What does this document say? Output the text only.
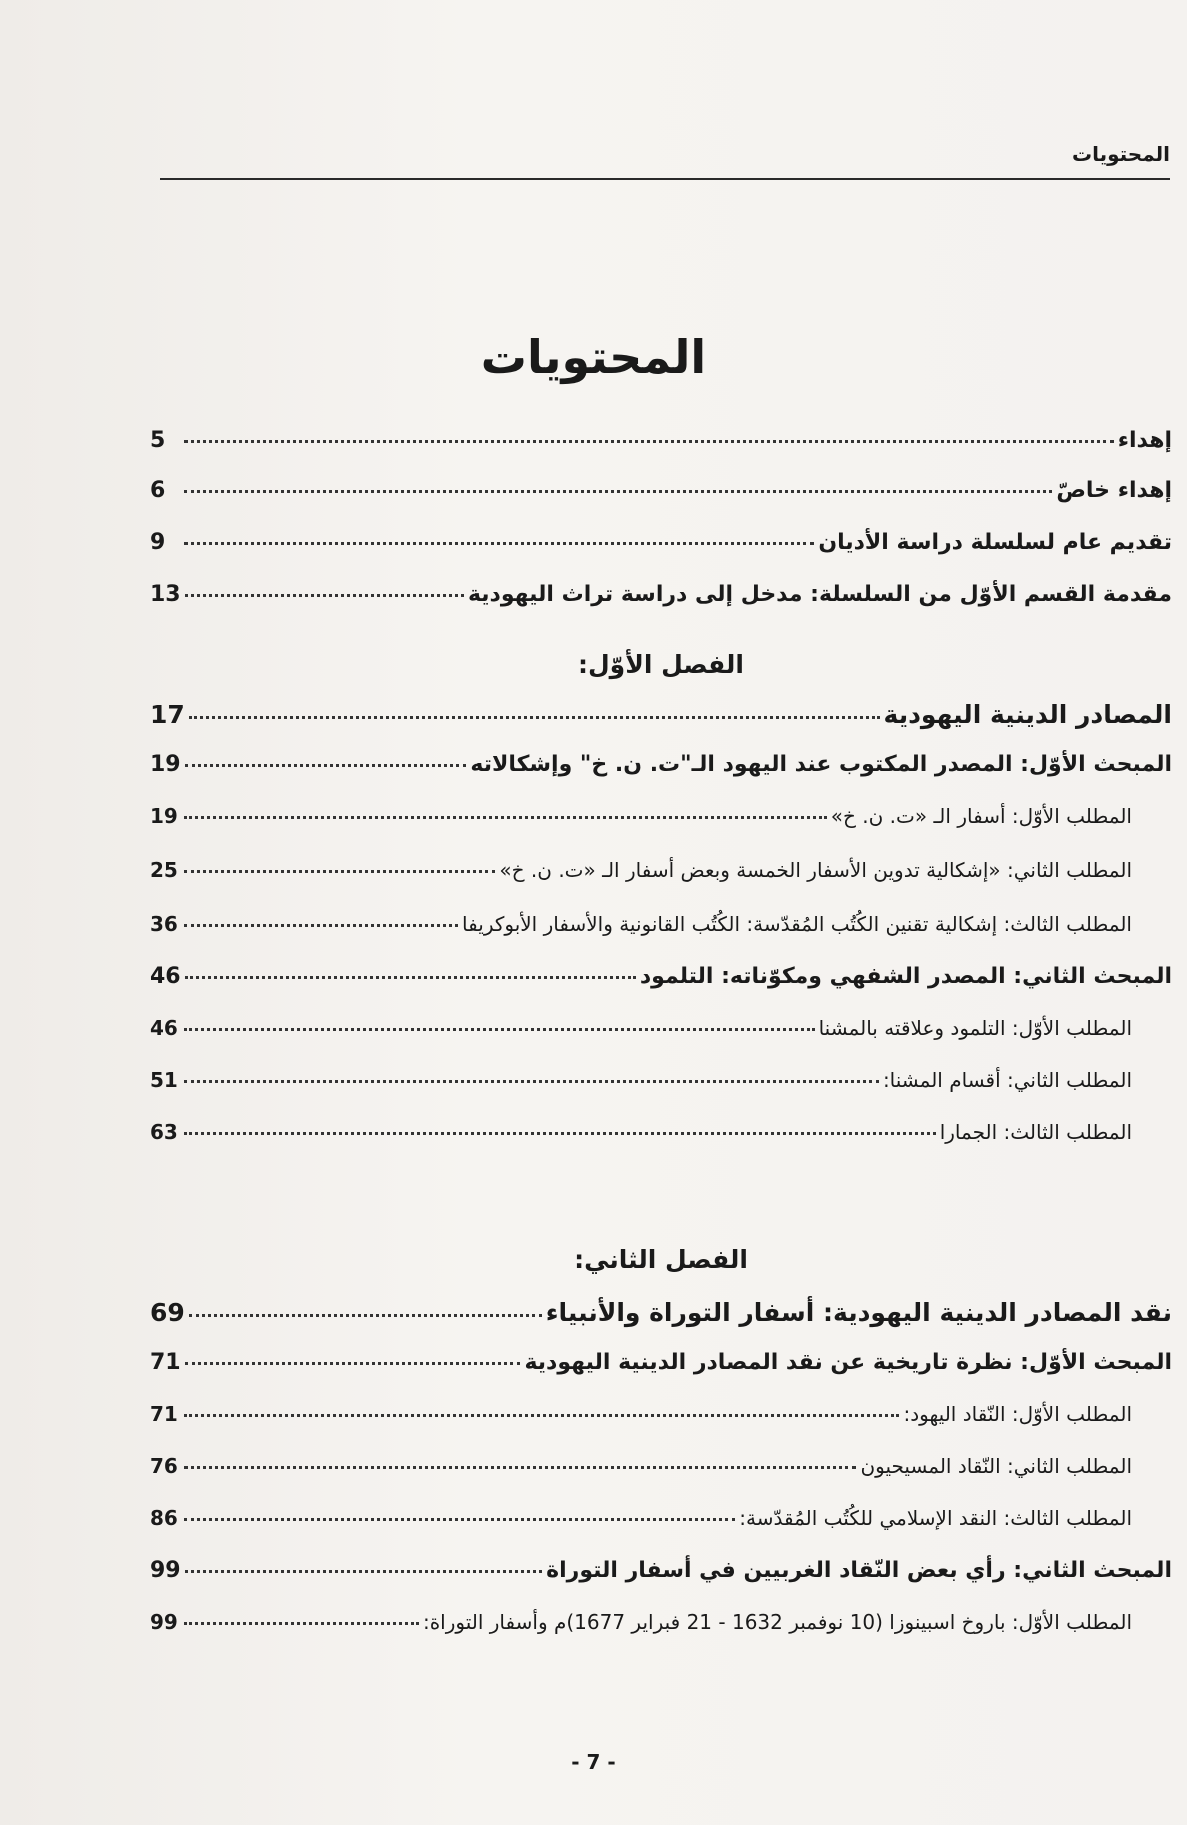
المحتويات
المحتويات
إهداء
5
إهداء خاصّ
6
تقديم عام لسلسلة دراسة الأديان
9
مقدمة القسم الأوّل من السلسلة: مدخل إلى دراسة تراث اليهودية
13
الفصل الأوّل:
المصادر الدينية اليهودية
17
المبحث الأوّل: المصدر المكتوب عند اليهود الـ"ت. ن. خ" وإشكالاته
19
المطلب الأوّل: أسفار الـ «ت. ن. خ»
19
المطلب الثاني: «إشكالية تدوين الأسفار الخمسة وبعض أسفار الـ «ت. ن. خ»
25
المطلب الثالث: إشكالية تقنين الكُتُب المُقدّسة: الكُتُب القانونية والأسفار الأبوكريفا
36
المبحث الثاني: المصدر الشفهي ومكوّناته: التلمود
46
المطلب الأوّل: التلمود وعلاقته بالمشنا
46
المطلب الثاني: أقسام المشنا:
51
المطلب الثالث: الجمارا
63
الفصل الثاني:
نقد المصادر الدينية اليهودية: أسفار التوراة والأنبياء
69
المبحث الأوّل: نظرة تاريخية عن نقد المصادر الدينية اليهودية
71
المطلب الأوّل: النّقاد اليهود:
71
المطلب الثاني: النّقاد المسيحيون
76
المطلب الثالث: النقد الإسلامي للكُتُب المُقدّسة:
86
المبحث الثاني: رأي بعض النّقاد الغربيين في أسفار التوراة
99
المطلب الأوّل: باروخ اسبينوزا (10 نوفمبر 1632 - 21 فبراير 1677)م وأسفار التوراة:
99
- 7 -
